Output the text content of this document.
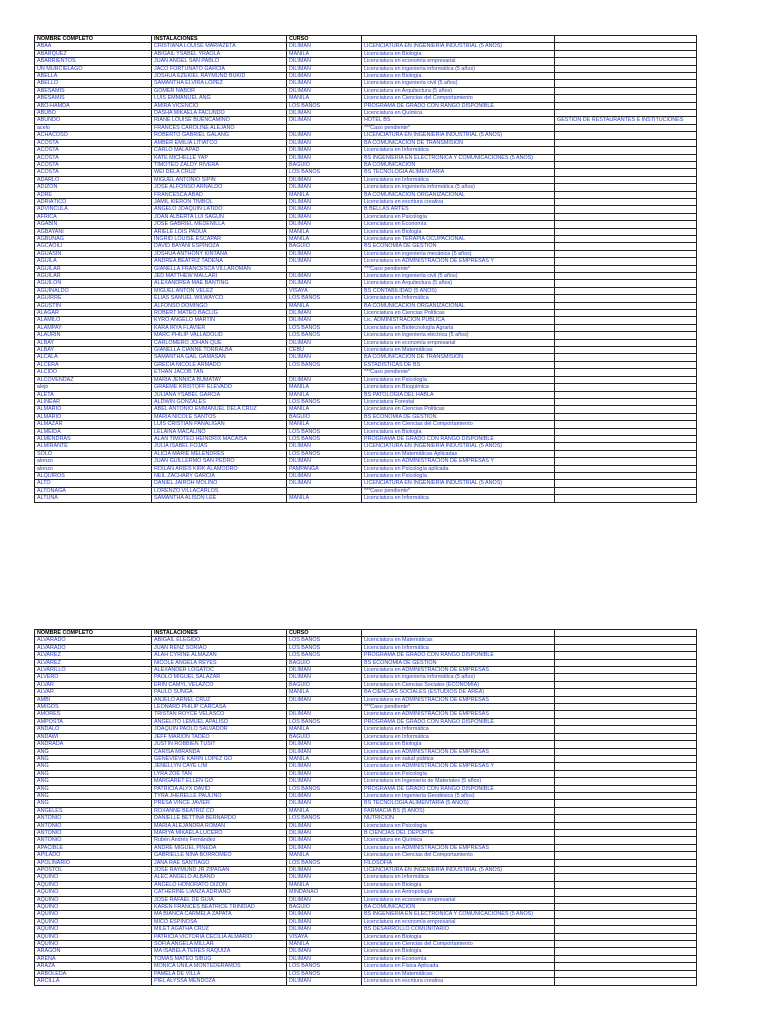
NOMBRE COMPLETO	INSTALACIONES	CURSO		
ABAA	CRISTIANA LOUISE MARIAZETA	DILIMAN	LICENCIATURA EN INGENIERÍA INDUSTRIAL (5 AÑOS)	
ABARQUEZ	ABIGAIL YSABEL YRAOLA	MANILA	Licenciatura en Biología	
ABARRIENTOS	JUAN ANGEL SAN PABLO	DILIMAN	Licenciatura en economía empresarial	
UN MURCIELAGO	JACO FORTUNATO GARCÍA	DILIMAN	Licenciatura en ingeniería informática (5 años)	
ABELLA	JOSHUA EZEKIEL RAYMUND BUKID	DILIMAN	Licenciatura en Biología	
ABELLO	SAMANTHA ELVIRA LÓPEZ	DILIMAN	Licenciatura en ingeniería civil (5 años)	
ABESAMIS	GOMER NABOR	DILIMAN	Licenciatura en Arquitectura (5 años)	
ABESAMIS	LUIS EMMANUEL ANG	MANILA	Licenciatura en Ciencias del Comportamiento	
ABO-HAMDA	AMIRA VICENCIO	LOS BAÑOS	PROGRAMA DE GRADO CON RANGO DISPONIBLE	
ABUBO	DASHA MIKAELA FACUNDO	DILIMAN	Licenciatura en Química	
ABUNDO	RIANE LOUISE BUENCAMINO	DILIMAN	HOTEL BS	GESTIÓN DE RESTAURANTES E INSTITUCIONES
acelo	FRANCES CAROLINE ALEJANO		***Caso pendiente*	
ACHACOSO	ROBERTO GABRIEL GALANG	DILIMAN	LICENCIATURA EN INGENIERÍA INDUSTRIAL (5 AÑOS)	
ACOSTA	AMBER EMILIA LITIATCO	DILIMAN	BA COMUNICACIÓN DE TRANSMISIÓN	
ACOSTA	CARLO MALAPAD	DILIMAN	Licenciatura en Informática	
ACOSTA	KATE MICHELLE YAP	DILIMAN	BS INGENIERÍA EN ELECTRÓNICA Y COMUNICACIONES (5 AÑOS)	
ACOSTA	TIMOTEO ZALDY RIVERA	BAGUIO	BA COMUNICACIÓN	
ACOSTA	WEI DELA CRUZ	LOS BAÑOS	BS TECNOLOGÍA ALIMENTARIA	
ADARLO	MIGUEL ANTONIO SIPIN	DILIMAN	Licenciatura en Informática	
ADIZÓN	JOSÉ ALFONSO ARNALDO	DILIMAN	Licenciatura en ingeniería informática (5 años)	
ADRE	FRANCESCA ABAD	MANILA	BA COMUNICACIÓN ORGANIZACIONAL	
ADRIÁTICO	JAMIL KIERON TIMBOL	DILIMAN	Licenciatura en escritura creativa	
ADVINCULA	ANGELO JOAQUIN LATIDO	DILIMAN	B BELLAS ARTES	
ÁFRICA	JOAN ALBERTA LUI SAGUN	DILIMAN	Licenciatura en Psicología	
AGABIN	JOSÉ GABRIEL MEDENILLA	DILIMAN	Licenciatura en Economía	
AGBAYANI	ARIELE LOIS PADUA	MANILA	Licenciatura en Biología	
AGBUNAG	INGRID LOUISE ESCAPAR	MANILA	Licenciatura en TERAPIA OCUPACIONAL	
AGCAOILI	DAVID BAYANI ESPINOZA	BAGUIO	BS ECONOMÍA DE GESTIÓN	
AGUASIN	JOSHUA ANTHONY KINTANA	DILIMAN	Licenciatura en ingeniería mecánica (5 años)	
AGUILA	ANDREA BEATRIZ TADENA	DILIMAN	Licenciatura en ADMINISTRACIÓN DE EMPRESAS Y	
AGUILAR	GIANELLA FRANCESCA VILLAROMAN		***Caso pendiente*	
AGUILAR	JED MATTHEW MALLARI	DILIMAN	Licenciatura en ingeniería civil (5 años)	
AGUILON	ALEXANDREA MAE BANTING	DILIMAN	Licenciatura en Arquitectura (5 años)	
AGUINALDO	MIGUEL ANTON VELEZ	VISAYA	BS CONTABILIDAD (5 AÑOS)	
AGUIRRE	ELÍAS SAMUEL WILWAYCO	LOS BAÑOS	Licenciatura en Informática	
AGUSTIN	ALFONSO DOMINGO	MANILA	BA COMUNICACIÓN ORGANIZACIONAL	
ALAGAR	ROBERT MATEO BACLIG	DILIMAN	Licenciatura en Ciencias Políticas	
ALAMILO	KYRO ANGELO MARTÍN	DILIMAN	Lic. ADMINISTRACIÓN PÚBLICA	
ALAMPAY	KARA IRYA FLAVIER	LOS BAÑOS	Licenciatura en Biotecnología Agraria	
ALAURIN	MARC PHILIP VALLADOLID	LOS BAÑOS	Licenciatura en ingeniería eléctrica (5 años)	
ALBAY	CARLOMERO JOHAN QUE	DILIMAN	Licenciatura en economía empresarial	
ALBAY	GIANELLA CIANNE TORRALBA	CEBU	Licenciatura en Matemáticas	
ALCALA	SAMANTHA GAIL GAMASAN	DILIMAN	BA COMUNICACIÓN DE TRANSMISIÓN	
ALCERA	GRECIA NICOLE ARMADO	LOS BAÑOS	ESTADÍSTICAS DE BS	
ALCIDO	ETHAN JACOB TAN		***Caso pendiente*	
ALCOVENDAZ	MARÍA JENNICA BUMATAY	DILIMAN	Licenciatura en Psicología	
alejo	GRAEME KRISTOFF ELEVADO	MANILA	Licenciatura en Bioquímica	
ALETA	JULIANA YSABEL GARCÍA	MANILA	BS PATOLOGÍA DEL HABLA	
ALINEAR	ALDWIN GONZALES	LOS BAÑOS	Licenciatura Forestal	
ALMARIO	ABEL ANTONIO EMMANUEL DELA CRUZ	MANILA	Licenciatura en Ciencias Políticas	
ALMARIO	MARÍA NICOLE SANTOS	BAGUIO	BS ECONOMÍA DE GESTIÓN	
ALMAZAR	LUIS CRISTIAN PANALIGAN	MANILA	Licenciatura en Ciencias del Comportamiento	
ALMEIDA	LELAINA MACALINO	LOS BAÑOS	Licenciatura en Biología	
ALMENDRAS	ALAN TIMOTEO HEINDRIX MACAISA	LOS BAÑOS	PROGRAMA DE GRADO CON RANGO DISPONIBLE	
ALMIRANTE	JULIA ISABEL FOJAS	DILIMAN	LICENCIATURA EN INGENIERÍA INDUSTRIAL (5 AÑOS)	
SOLO	ALICIA MARIE MELENDRES	LOS BAÑOS	Licenciatura en Matemáticas Aplicadas	
alonzo	JUAN GUILLERMO SAN PEDRO	DILIMAN	Licenciatura en ADMINISTRACIÓN DE EMPRESAS Y	
alonzo	ROILAN ARIES KIRK ALAMODRO	PAMPANGA	Licenciatura en Psicología aplicada	
ALQUIROS	NEIL ZACHARY GARCÍA	DILIMAN	Licenciatura en Psicología	
ALTO	DANIEL JAIROH MOLINO	DILIMAN	LICENCIATURA EN INGENIERÍA INDUSTRIAL (5 AÑOS)	
ALTONAGA	LORENZO VILLACARLOS		***Caso pendiente*	
ALTUNA	SAMANTHA ALISON LEE	MANILA	Licenciatura en Informática	
NOMBRE COMPLETO	INSTALACIONES	CURSO		
ALVARADO	ABIGAIL ELEGIDO	LOS BAÑOS	Licenciatura en Matemáticas	
ALVARADO	JUAN RENZ SORIAO	LOS BAÑOS	Licenciatura en Informática	
ÁLVAREZ	ALAH CYRINE ALMAZAN	LOS BAÑOS	PROGRAMA DE GRADO CON RANGO DISPONIBLE	
ÁLVAREZ	NICOLE ANGELA REYES	BAGUIO	BS ECONOMÍA DE GESTIÓN	
ALVARILLO	ALEXANDER LOGATOC	DILIMAN	Licenciatura en ADMINISTRACIÓN DE EMPRESAS	
ALVERO	PAOLO MIGUEL SALAZAR	DILIMAN	Licenciatura en ingeniería informática (5 años)	
ALVAR	ERIN CAMYL VELAZCO	BAGUIO	Licenciatura en Ciencias Sociales (ECONOMÍA)	
ALVAR	PAULO SUNGA	MANILA	BA CIENCIAS SOCIALES (ESTUDIOS DE ÁREA)	
AMBI	ANJELO ARNEL CRUZ	DILIMAN	Licenciatura en ADMINISTRACIÓN DE EMPRESAS	
AMIGOS	LEONARD PHILIP CARCASA		***Caso pendiente*	
AMORES	TRISTAN ROYCE VELASCO	DILIMAN	Licenciatura en ADMINISTRACIÓN DE EMPRESAS	
AMPOSTA	ANGELITO LEMUEL APALISO	LOS BAÑOS	PROGRAMA DE GRADO CON RANGO DISPONIBLE	
ANDALO	JOAQUIN PAOLO SALVADOR	MANILA	Licenciatura en Informática	
ANDAWI	JEFF MARION TADEO	BAGUIO	Licenciatura en Informática	
ANDRADA	JUSTIN ROBBIEN TUSIT	DILIMAN	Licenciatura en Biología	
ANG	CARISA MIRANDA	DILIMAN	Licenciatura en ADMINISTRACIÓN DE EMPRESAS	
ANG	GENEVIEVE KARIN LÓPEZ GO	MANILA	Licenciatura en salud pública	
ANG	JENELLYN CAYE LIM	DILIMAN	Licenciatura en ADMINISTRACIÓN DE EMPRESAS Y	
ANG	LYRA ZOE TAN	DILIMAN	Licenciatura en Psicología	
ANG	MARGARET ELLEN GO	DILIMAN	Licenciatura en Ingeniería de Materiales (5 años)	
ANG	PATRICIA ALYX DAVID	LOS BAÑOS	PROGRAMA DE GRADO CON RANGO DISPONIBLE	
ANG	TYRA JHERELLE PAULINO	DILIMAN	Licenciatura en Ingeniería Geodésica (5 años)	
ANG	PRESA VINCE JAVIER	DILIMAN	BS TECNOLOGÍA ALIMENTARIA (5 AÑOS)	
ANGELES	ROXANNE BEATRIZ CO	MANILA	FARMACIA BS (5 AÑOS)	
ANTONIO	DANIELLE BETTINA BERNARDO	LOS BAÑOS	NUTRICIÓN	
ANTONIO	MARÍA ALEJANDRA ROMÁN	DILIMAN	Licenciatura en Psicología	
ANTONIO	MARIYA MIKAELA LUCERO	DILIMAN	B CIENCIAS DEL DEPORTE	
ANTONIO	Rubén Andrés Fernández	DILIMAN	Licenciatura en Química	
APACIBLE	ANDRE MIGUEL PINEDA	DILIMAN	Licenciatura en ADMINISTRACIÓN DE EMPRESAS	
APILADO	GABRIELLE NINA BORROMEO	MANILA	Licenciatura en Ciencias del Comportamiento	
APOLINARIO	JANA RAE SANTIAGO	LOS BAÑOS	FILOSOFÍA	
APÓSTOL	JOSÉ RAYMUND JR ZIPAGAN	DILIMAN	LICENCIATURA EN INGENIERÍA INDUSTRIAL (5 AÑOS)	
AQUINO	ALEC ANGELO ALBANO	DILIMAN	Licenciatura en Informática	
AQUINO	ANGELO HONORATO DIZON	MANILA	Licenciatura en Biología	
AQUINO	CATHERINE LIANZA ADRIANO	MINDANAO	Licenciatura en Antropología	
AQUINO	JOSÉ RAFAEL DE GUIA	DILIMAN	Licenciatura en economía empresarial	
AQUINO	KAREN FRANCES BEATRICE TRINIDAD	BAGUIO	BA COMUNICACIÓN	
AQUINO	MA BIANCA CARMELA ZAPATA	DILIMAN	BS INGENIERÍA EN ELECTRÓNICA Y COMUNICACIONES (5 AÑOS)	
AQUINO	MICO ESPINOSA	DILIMAN	Licenciatura en economía empresarial	
AQUINO	MILET AGATHA CRUZ	DILIMAN	BS DESARROLLO COMUNITARIO	
AQUINO	PATRICIA VICTORIA CECILIA ALMARIO	VISAYA	Licenciatura en Biología	
AQUINO	SOFÍA ANGELA MILLAR	MANILA	Licenciatura en Ciencias del Comportamiento	
ARAGÓN	MA ISABELA TERES RAQUIZA	DILIMAN	Licenciatura en Biología	
ARENA	TOMÁS MATEO SIBUG	DILIMAN	Licenciatura en Economía	
ARAZA	MÓNICA UNILA MONTEDERAMOS	LOS BAÑOS	Licenciatura en Física Aplicada	
ARBOLEDA	PAMELA DE VILLA	LOS BAÑOS	Licenciatura en Matemáticas	
ARCILLA	PIEL ALYSSA MENDOZA	DILIMAN	Licenciatura en escritura creativa	
